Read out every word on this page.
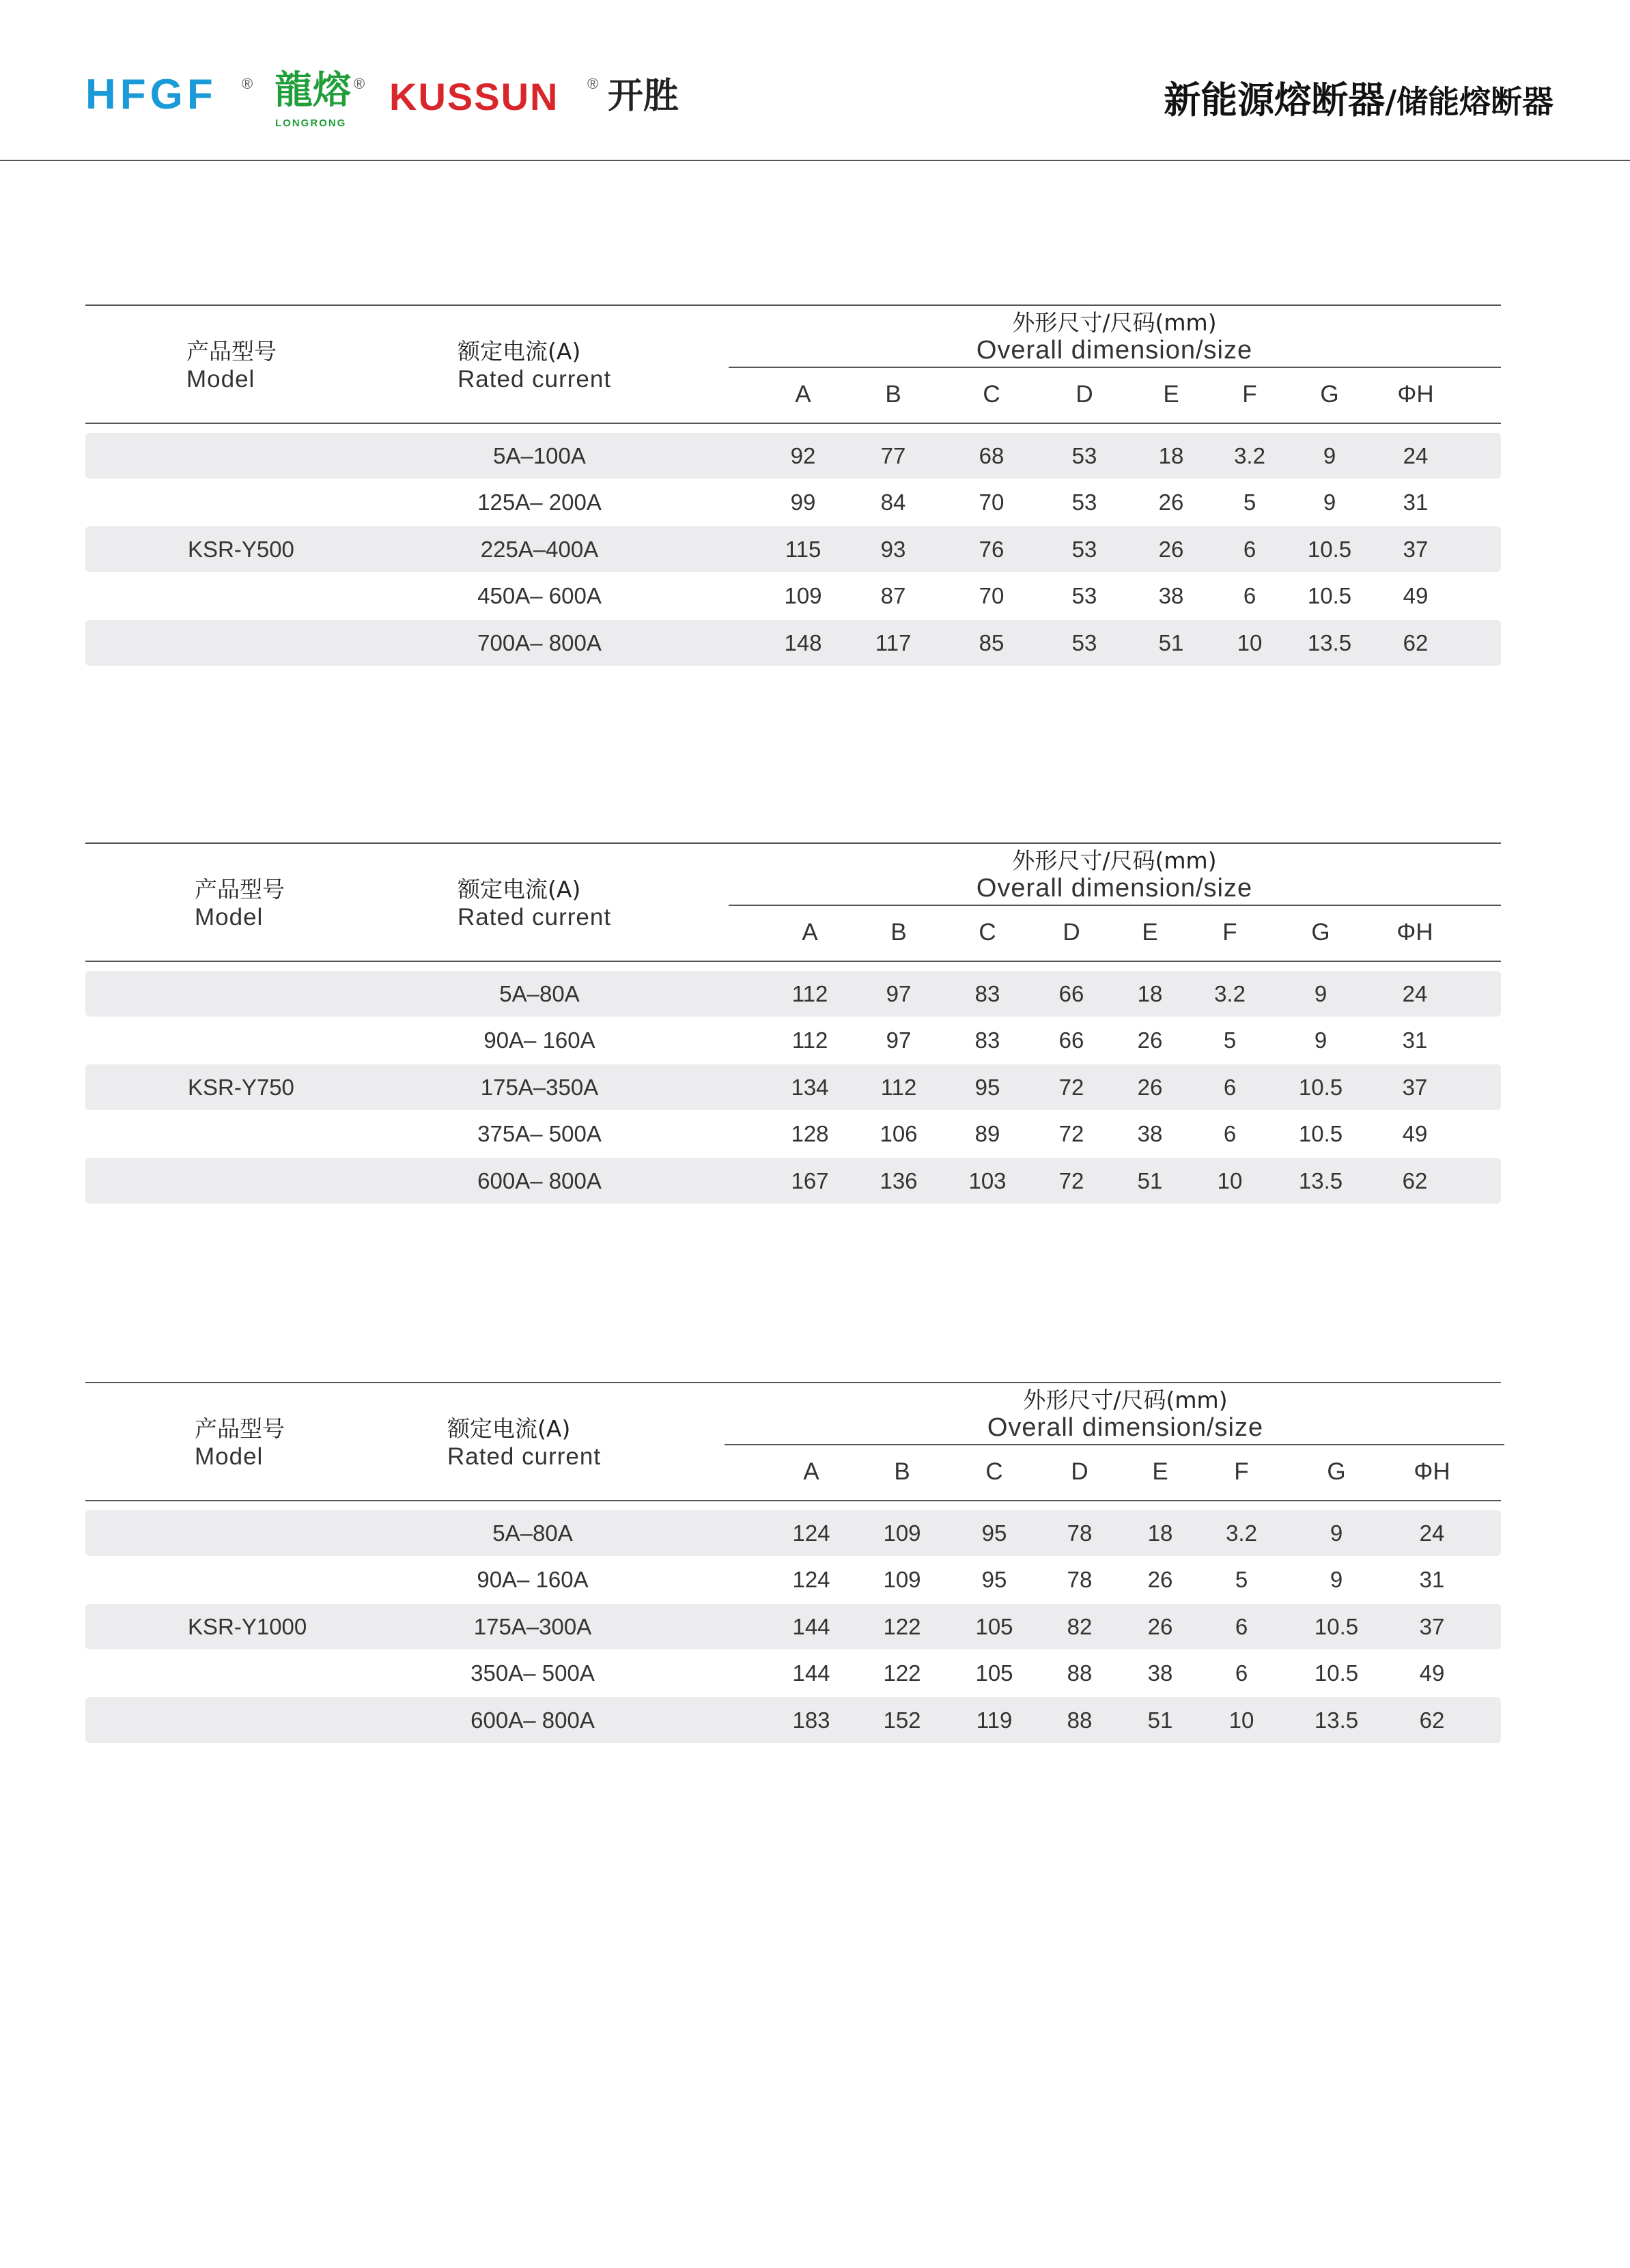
HFGF ® 龍熔 ®
LONGRONG
KUSSUN ® 开胜	新能源熔断器/储能熔断器
产品型号
Model
额定电流(A)
Rated current
外形尺寸/尺码(mm)
Overall dimension/size
A	B	C	D	E	F	G ΦH
5A–100A	92	77	68	53	18 3.2	9	24
125A– 200A	99	84	70	53	26	5	9	31
KSR-Y500	225A–400A	115	93	76	53	26	6 10.5 37
450A– 600A	109	87	70	53	38	6 10.5 49
700A– 800A	148 117	85	53	51 10 13.5 62
产品型号
Model
额定电流(A)
Rated current
外形尺寸/尺码(mm)
Overall dimension/size
A	B	C	D	E	F	G	ΦH
5A–80A	112	97	83	66 18 3.2	9	24
90A– 160A	112	97	83	66 26	5	9	31
KSR-Y750	175A–350A	134 112	95	72 26	6	10.5	37
375A– 500A	128 106	89	72 38	6	10.5	49
600A– 800A	167 136 103 72 51 10	13.5	62
产品型号
Model
额定电流(A)
Rated current
外形尺寸/尺码(mm)
Overall dimension/size
A	B	C	D	E	F	G	ΦH
5A–80A	124 109	95	78 18 3.2	9	24
90A– 160A	124 109	95	78 26	5	9	31
KSR-Y1000	175A–300A	144 122 105 82 26	6	10.5	37
350A– 500A	144 122 105 88 38	6	10.5	49
600A– 800A	183 152 119 88 51 10	13.5	62
